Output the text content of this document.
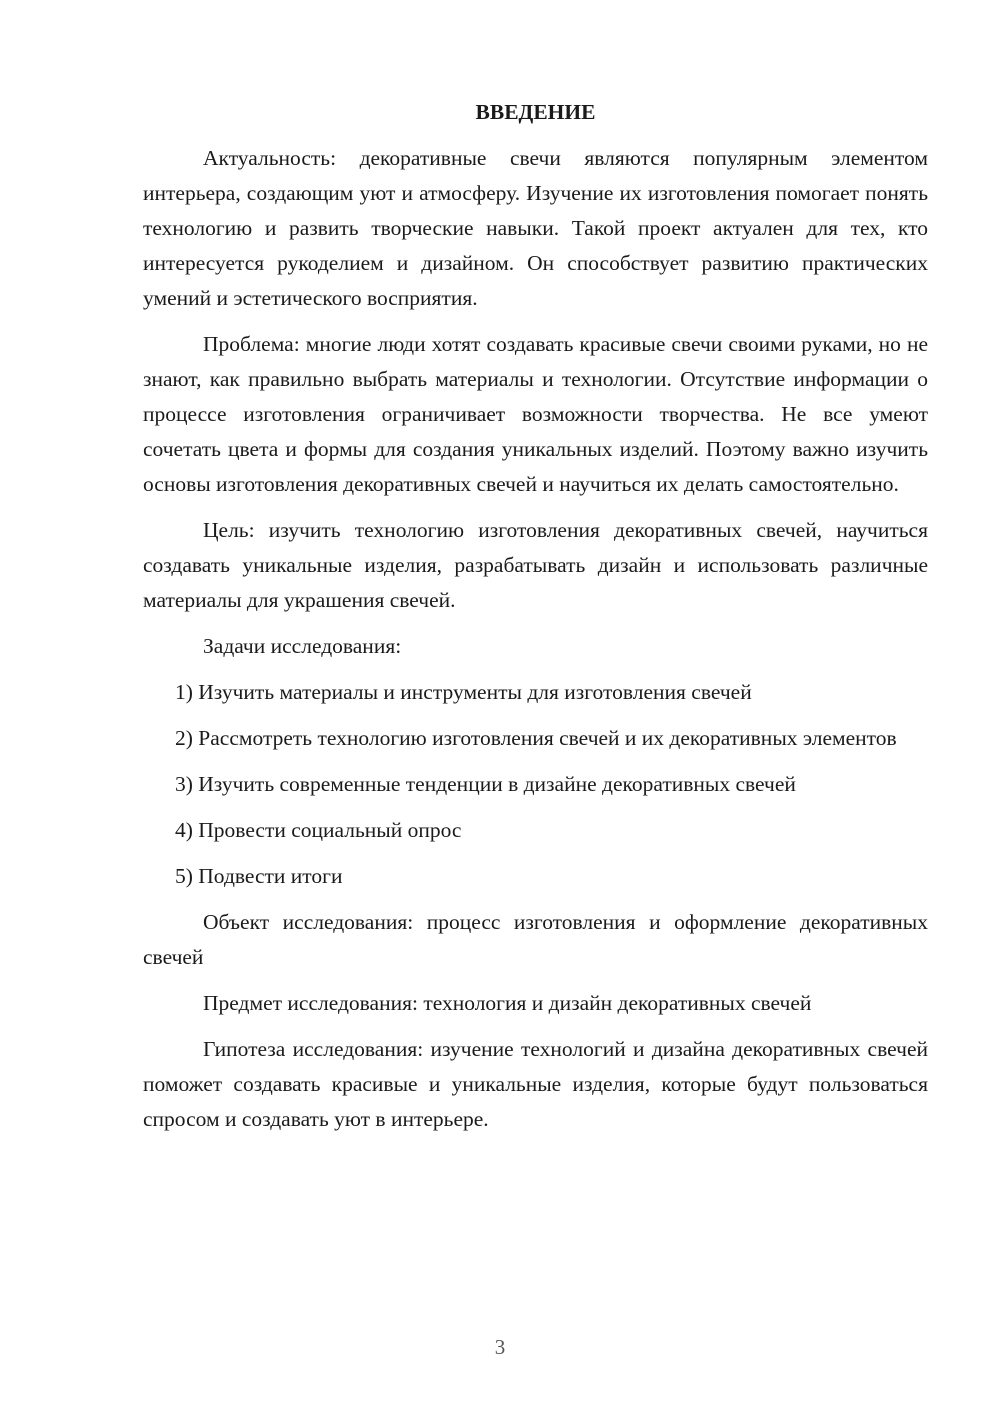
ВВЕДЕНИЕ

Актуальность: декоративные свечи являются популярным элементом интерьера, создающим уют и атмосферу. Изучение их изготовления помогает понять технологию и развить творческие навыки. Такой проект актуален для тех, кто интересуется рукоделием и дизайном. Он способствует развитию практических умений и эстетического восприятия.

Проблема: многие люди хотят создавать красивые свечи своими руками, но не знают, как правильно выбрать материалы и технологии. Отсутствие информации о процессе изготовления ограничивает возможности творчества. Не все умеют сочетать цвета и формы для создания уникальных изделий. Поэтому важно изучить основы изготовления декоративных свечей и научиться их делать самостоятельно.

Цель: изучить технологию изготовления декоративных свечей, научиться создавать уникальные изделия, разрабатывать дизайн и использовать различные материалы для украшения свечей.

Задачи исследования:

1) Изучить материалы и инструменты для изготовления свечей

2) Рассмотреть технологию изготовления свечей и их декоративных элементов

3) Изучить современные тенденции в дизайне декоративных свечей

4) Провести социальный опрос

5) Подвести итоги

Объект исследования: процесс изготовления и оформление декоративных свечей

Предмет исследования: технология и дизайн декоративных свечей

Гипотеза исследования: изучение технологий и дизайна декоративных свечей поможет создавать красивые и уникальные изделия, которые будут пользоваться спросом и создавать уют в интерьере.

3
